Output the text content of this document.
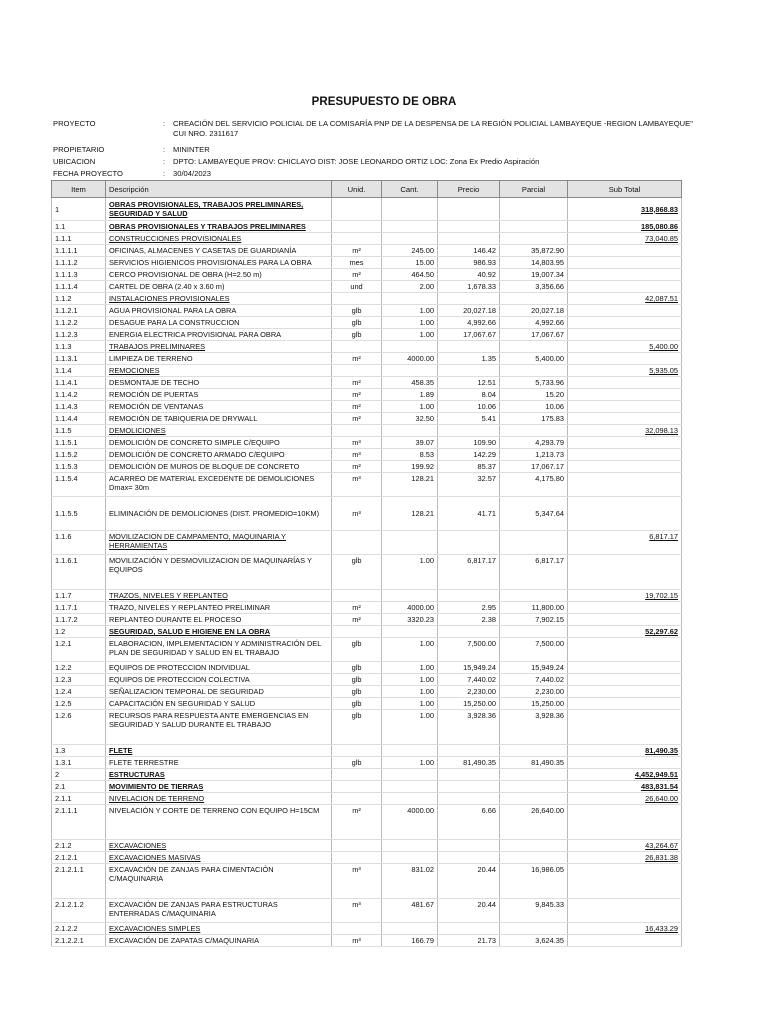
PRESUPUESTO DE OBRA
PROYECTO	:	CREACIÓN DEL SERVICIO POLICIAL DE LA COMISARÍA PNP DE LA DESPENSA DE LA REGIÓN POLICIAL LAMBAYEQUE -REGION LAMBAYEQUE" CUI NRO. 2311617
PROPIETARIO	:	MININTER
UBICACION	:	DPTO: LAMBAYEQUE PROV: CHICLAYO DIST: JOSE LEONARDO ORTIZ LOC: Zona Ex Predio Aspiración
FECHA PROYECTO	:	30/04/2023
Item	Descripción	Unid.	Cant.	Precio	Parcial	Sub Total
1	OBRAS PROVISIONALES, TRABAJOS PRELIMINARES, SEGURIDAD Y SALUD					318,868.83
1.1	OBRAS PROVISIONALES Y TRABAJOS PRELIMINARES					185,080.86
1.1.1	CONSTRUCCIONES PROVISIONALES					73,040.85
1.1.1.1	OFICINAS, ALMACENES Y CASETAS DE GUARDIANÍA	m²	245.00	146.42	35,872.90	
1.1.1.2	SERVICIOS HIGIENICOS PROVISIONALES PARA LA OBRA	mes	15.00	986.93	14,803.95	
1.1.1.3	CERCO PROVISIONAL DE OBRA (H=2.50 m)	m²	464.50	40.92	19,007.34	
1.1.1.4	CARTEL DE OBRA (2.40 x 3.60 m)	und	2.00	1,678.33	3,356.66	
1.1.2	INSTALACIONES PROVISIONALES					42,087.51
1.1.2.1	AGUA PROVISIONAL PARA LA OBRA	glb	1.00	20,027.18	20,027.18	
1.1.2.2	DESAGUE PARA LA CONSTRUCCION	glb	1.00	4,992.66	4,992.66	
1.1.2.3	ENERGIA ELECTRICA PROVISIONAL PARA OBRA	glb	1.00	17,067.67	17,067.67	
1.1.3	TRABAJOS PRELIMINARES					5,400.00
1.1.3.1	LIMPIEZA DE TERRENO	m²	4000.00	1.35	5,400.00	
1.1.4	REMOCIONES					5,935.05
1.1.4.1	DESMONTAJE DE TECHO	m²	458.35	12.51	5,733.96	
1.1.4.2	REMOCIÓN DE PUERTAS	m²	1.89	8.04	15.20	
1.1.4.3	REMOCIÓN DE VENTANAS	m²	1.00	10.06	10.06	
1.1.4.4	REMOCIÓN DE TABIQUERIA DE DRYWALL	m²	32.50	5.41	175.83	
1.1.5	DEMOLICIONES					32,098.13
1.1.5.1	DEMOLICIÓN DE CONCRETO SIMPLE C/EQUIPO	m³	39.07	109.90	4,293.79	
1.1.5.2	DEMOLICIÓN DE CONCRETO ARMADO C/EQUIPO	m³	8.53	142.29	1,213.73	
1.1.5.3	DEMOLICIÓN DE MUROS DE BLOQUE DE CONCRETO	m²	199.92	85.37	17,067.17	
1.1.5.4	ACARREO DE MATERIAL EXCEDENTE DE DEMOLICIONES Dmax= 30m	m³	128.21	32.57	4,175.80	
1.1.5.5	ELIMINACIÓN DE DEMOLICIONES (DIST. PROMEDIO=10KM)	m³	128.21	41.71	5,347.64	
1.1.6	MOVILIZACION DE CAMPAMENTO, MAQUINARIA Y HERRAMIENTAS					6,817.17
1.1.6.1	MOVILIZACIÓN Y DESMOVILIZACION DE MAQUINARÍAS Y EQUIPOS	glb	1.00	6,817.17	6,817.17	
1.1.7	TRAZOS, NIVELES Y REPLANTEO					19,702.15
1.1.7.1	TRAZO, NIVELES Y REPLANTEO PRELIMINAR	m²	4000.00	2.95	11,800.00	
1.1.7.2	REPLANTEO DURANTE EL PROCESO	m²	3320.23	2.38	7,902.15	
1.2	SEGURIDAD, SALUD E HIGIENE EN LA OBRA					52,297.62
1.2.1	ELABORACION, IMPLEMENTACION Y ADMINISTRACIÓN DEL PLAN DE SEGURIDAD Y SALUD EN EL TRABAJO	glb	1.00	7,500.00	7,500.00	
1.2.2	EQUIPOS DE PROTECCION INDIVIDUAL	glb	1.00	15,949.24	15,949.24	
1.2.3	EQUIPOS DE PROTECCION COLECTIVA	glb	1.00	7,440.02	7,440.02	
1.2.4	SEÑALIZACION TEMPORAL DE SEGURIDAD	glb	1.00	2,230.00	2,230.00	
1.2.5	CAPACITACIÓN EN SEGURIDAD Y SALUD	glb	1.00	15,250.00	15,250.00	
1.2.6	RECURSOS PARA RESPUESTA ANTE EMERGENCIAS EN SEGURIDAD Y SALUD DURANTE EL TRABAJO	glb	1.00	3,928.36	3,928.36	
1.3	FLETE					81,490.35
1.3.1	FLETE TERRESTRE	glb	1.00	81,490.35	81,490.35	
2	ESTRUCTURAS					4,452,949.51
2.1	MOVIMIENTO DE TIERRAS					483,831.54
2.1.1	NIVELACION DE TERRENO					26,640.00
2.1.1.1	NIVELACIÓN Y CORTE DE TERRENO CON EQUIPO H=15CM	m²	4000.00	6.66	26,640.00	
2.1.2	EXCAVACIONES					43,264.67
2.1.2.1	EXCAVACIONES MASIVAS					26,831.38
2.1.2.1.1	EXCAVACIÓN DE ZANJAS PARA CIMENTACIÓN C/MAQUINARIA	m³	831.02	20.44	16,986.05	
2.1.2.1.2	EXCAVACIÓN DE ZANJAS PARA ESTRUCTURAS ENTERRADAS C/MAQUINARIA	m³	481.67	20.44	9,845.33	
2.1.2.2	EXCAVACIONES SIMPLES					16,433.29
2.1.2.2.1	EXCAVACIÓN DE ZAPATAS C/MAQUINARIA	m³	166.79	21.73	3,624.35	
